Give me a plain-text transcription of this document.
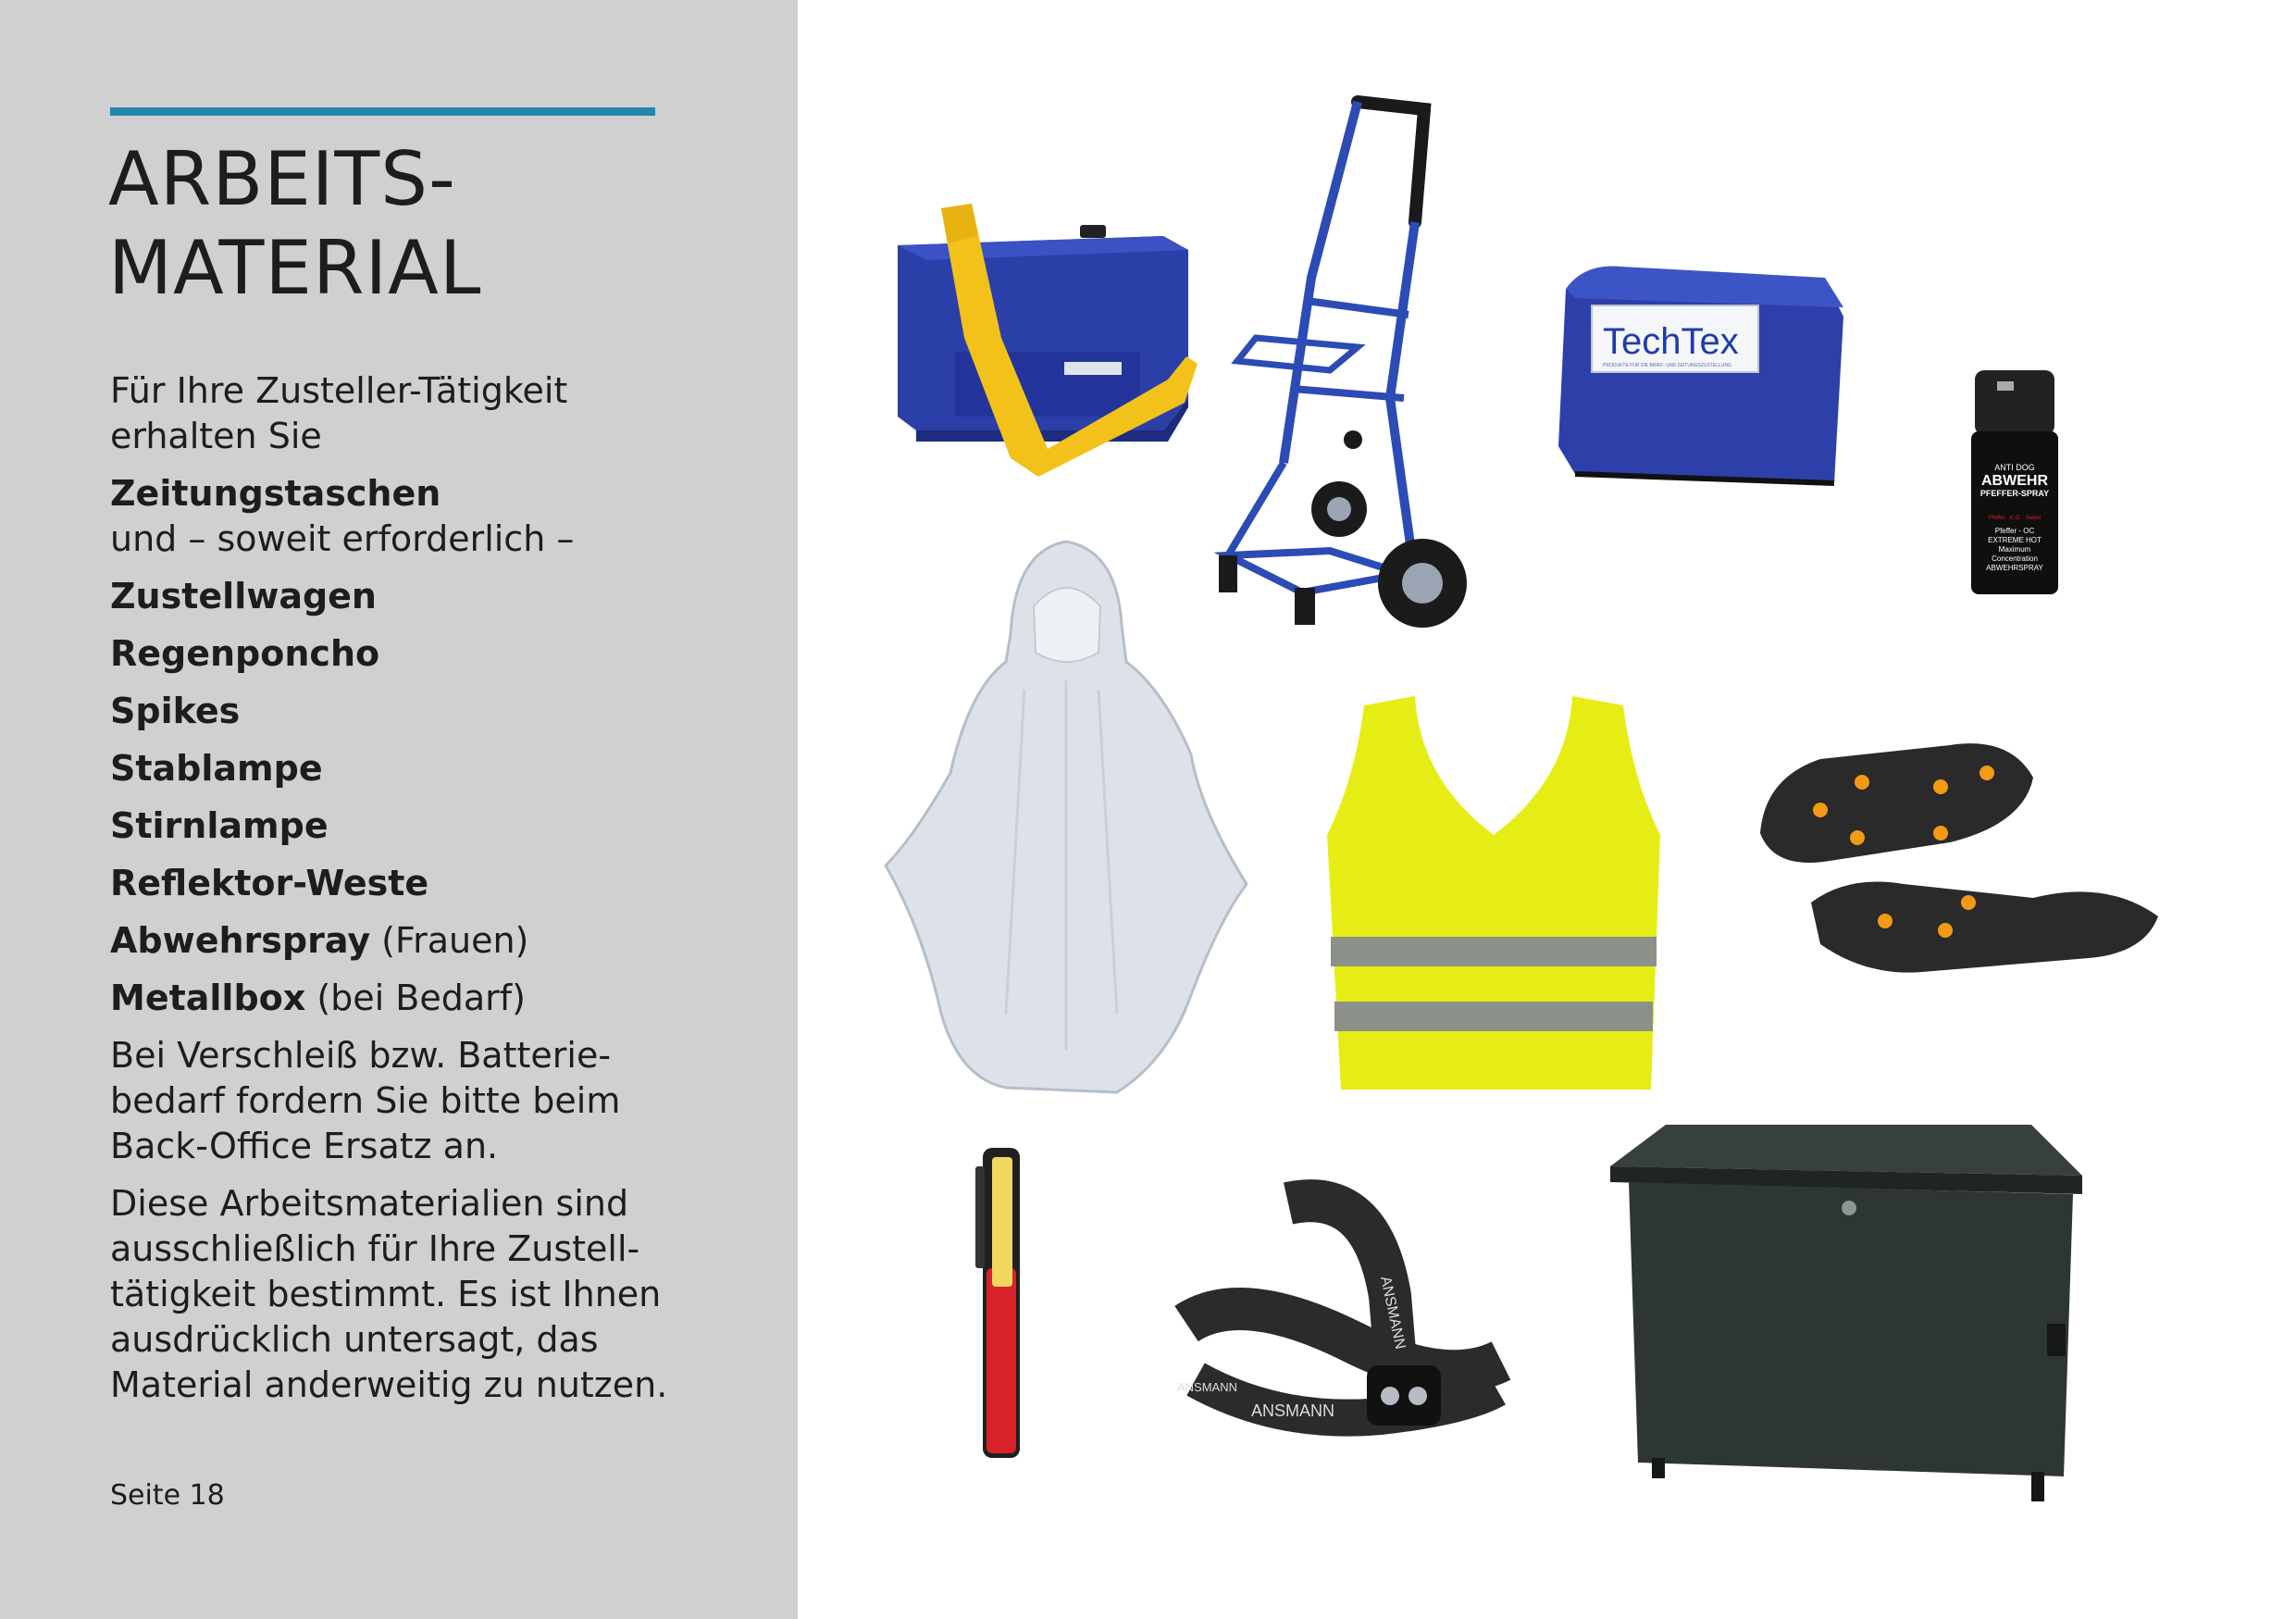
ARBEITS-
MATERIAL

Für Ihre Zusteller-Tätigkeit
erhalten Sie

Zeitungstaschen
und – soweit erforderlich –

Zustellwagen

Regenponcho

Spikes

Stablampe

Stirnlampe

Reflektor-Weste

Abwehrspray (Frauen)

Metallbox (bei Bedarf)

Bei Verschleiß bzw. Batterie-
bedarf fordern Sie bitte beim
Back-Office Ersatz an.

Diese Arbeitsmaterialien sind
ausschließlich für Ihre Zustell-
tätigkeit bestimmt. Es ist Ihnen
ausdrücklich untersagt, das
Material anderweitig zu nutzen.

Seite 18
TechTex
PRODUKTE FÜR DIE BRIEF- UND ZEITUNGSZUSTELLUNG
ANTI DOG
ABWEHR
PFEFFER-SPRAY
Pfeffer · K.O. · Nebel
Pfeffer - OC
EXTREME HOT
Maximum
Concentration
ABWEHRSPRAY
ANSMANN
ANSMANN
ANSMANN
